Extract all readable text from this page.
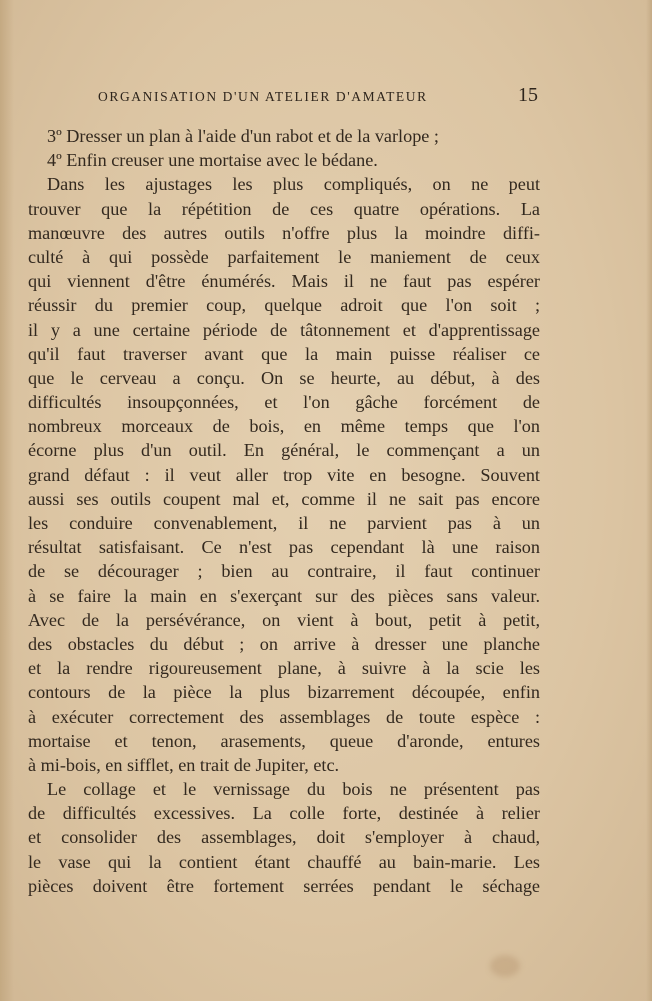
ORGANISATION D'UN ATELIER D'AMATEUR	15
3º Dresser un plan à l'aide d'un rabot et de la varlope ;
4º Enfin creuser une mortaise avec le bédane.
Dans les ajustages les plus compliqués, on ne peut
trouver que la répétition de ces quatre opérations. La
manœuvre des autres outils n'offre plus la moindre diffi-
culté à qui possède parfaitement le maniement de ceux
qui viennent d'être énumérés. Mais il ne faut pas espérer
réussir du premier coup, quelque adroit que l'on soit ;
il y a une certaine période de tâtonnement et d'apprentissage
qu'il faut traverser avant que la main puisse réaliser ce
que le cerveau a conçu. On se heurte, au début, à des
difficultés insoupçonnées, et l'on gâche forcément de
nombreux morceaux de bois, en même temps que l'on
écorne plus d'un outil. En général, le commençant a un
grand défaut : il veut aller trop vite en besogne. Souvent
aussi ses outils coupent mal et, comme il ne sait pas encore
les conduire convenablement, il ne parvient pas à un
résultat satisfaisant. Ce n'est pas cependant là une raison
de se décourager ; bien au contraire, il faut continuer
à se faire la main en s'exerçant sur des pièces sans valeur.
Avec de la persévérance, on vient à bout, petit à petit,
des obstacles du début ; on arrive à dresser une planche
et la rendre rigoureusement plane, à suivre à la scie les
contours de la pièce la plus bizarrement découpée, enfin
à exécuter correctement des assemblages de toute espèce :
mortaise et tenon, arasements, queue d'aronde, entures
à mi-bois, en sifflet, en trait de Jupiter, etc.
Le collage et le vernissage du bois ne présentent pas
de difficultés excessives. La colle forte, destinée à relier
et consolider des assemblages, doit s'employer à chaud,
le vase qui la contient étant chauffé au bain-marie. Les
pièces doivent être fortement serrées pendant le séchage
